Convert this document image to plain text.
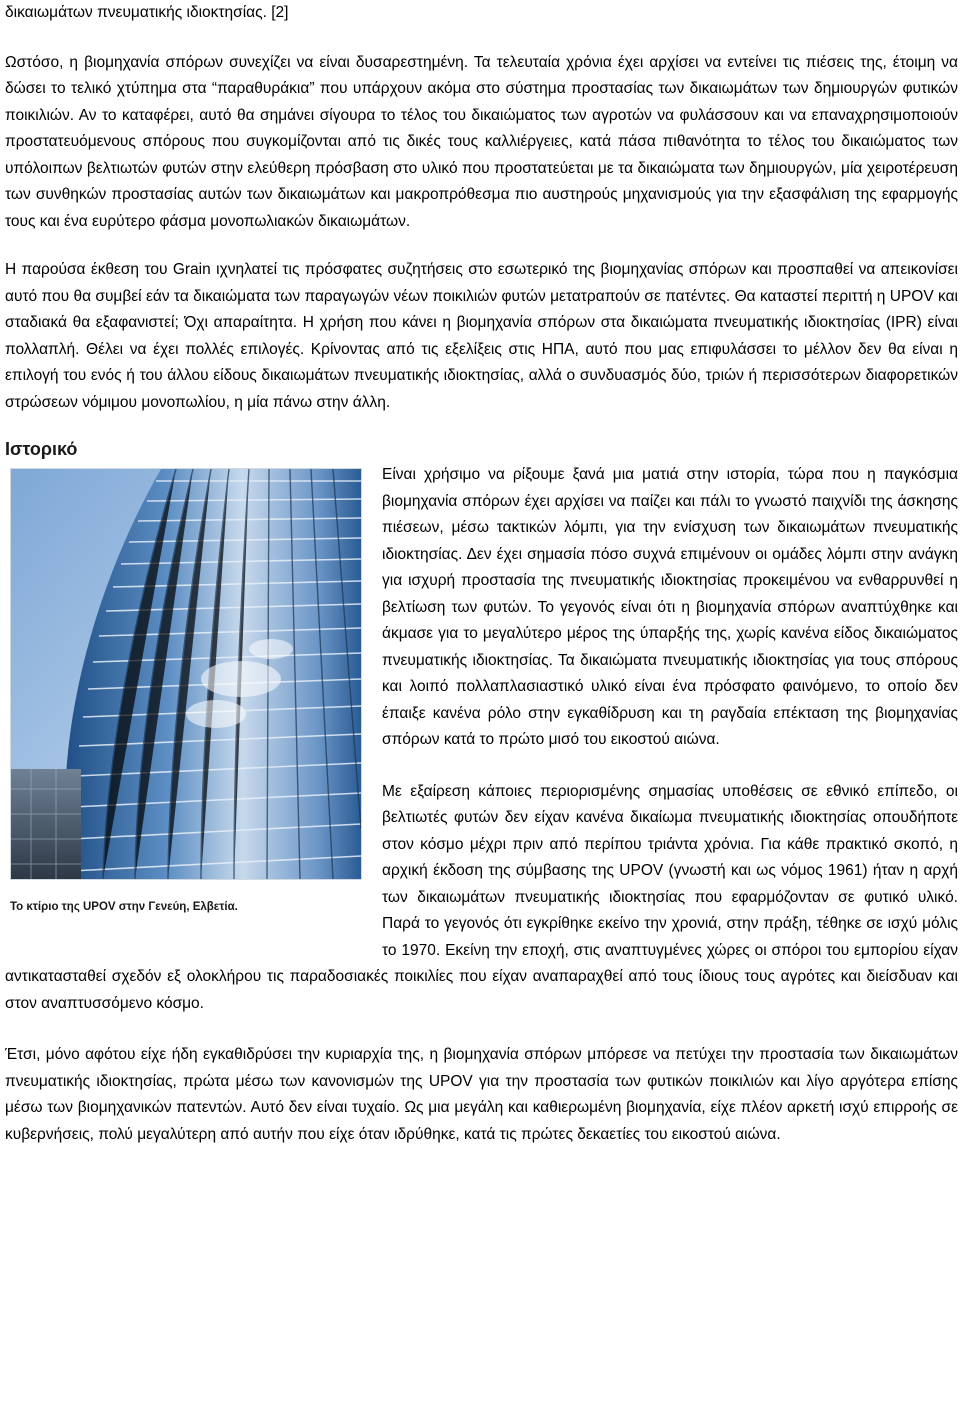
δικαιωμάτων πνευματικής ιδιοκτησίας. [2]

Ωστόσο, η βιομηχανία σπόρων συνεχίζει να είναι δυσαρεστημένη. Τα τελευταία χρόνια έχει αρχίσει να εντείνει τις πιέσεις της, έτοιμη να δώσει το τελικό χτύπημα στα “παραθυράκια” που υπάρχουν ακόμα στο σύστημα προστασίας των δικαιωμάτων των δημιουργών φυτικών ποικιλιών. Αν το καταφέρει, αυτό θα σημάνει σίγουρα το τέλος του δικαιώματος των αγροτών να φυλάσσουν και να επαναχρησιμοποιούν προστατευόμενους σπόρους που συγκομίζονται από τις δικές τους καλλιέργειες, κατά πάσα πιθανότητα το τέλος του δικαιώματος των υπόλοιπων βελτιωτών φυτών στην ελεύθερη πρόσβαση στο υλικό που προστατεύεται με τα δικαιώματα των δημιουργών, μία χειροτέρευση των συνθηκών προστασίας αυτών των δικαιωμάτων και μακροπρόθεσμα πιο αυστηρούς μηχανισμούς για την εξασφάλιση της εφαρμογής τους και ένα ευρύτερο φάσμα μονοπωλιακών δικαιωμάτων.

Η παρούσα έκθεση του Grain ιχνηλατεί τις πρόσφατες συζητήσεις στο εσωτερικό της βιομηχανίας σπόρων και προσπαθεί να απεικονίσει αυτό που θα συμβεί εάν τα δικαιώματα των παραγωγών νέων ποικιλιών φυτών μετατραπούν σε πατέντες. Θα καταστεί περιττή η UPOV και σταδιακά θα εξαφανιστεί; Όχι απαραίτητα. Η χρήση που κάνει η βιομηχανία σπόρων στα δικαιώματα πνευματικής ιδιοκτησίας (IPR) είναι πολλαπλή. Θέλει να έχει πολλές επιλογές. Κρίνοντας από τις εξελίξεις στις ΗΠΑ, αυτό που μας επιφυλάσσει το μέλλον δεν θα είναι η επιλογή του ενός ή του άλλου είδους δικαιωμάτων πνευματικής ιδιοκτησίας, αλλά ο συνδυασμός δύο, τριών ή περισσότερων διαφορετικών στρώσεων νόμιμου μονοπωλίου, η μία πάνω στην άλλη.

Ιστορικό
Το κτίριο της UPOV στην Γενεύη, Ελβετία.

Είναι χρήσιμο να ρίξουμε ξανά μια ματιά στην ιστορία, τώρα που η παγκόσμια βιομηχανία σπόρων έχει αρχίσει να παίζει και πάλι το γνωστό παιχνίδι της άσκησης πιέσεων, μέσω τακτικών λόμπι, για την ενίσχυση των δικαιωμάτων πνευματικής ιδιοκτησίας. Δεν έχει σημασία πόσο συχνά επιμένουν οι ομάδες λόμπι στην ανάγκη για ισχυρή προστασία της πνευματικής ιδιοκτησίας προκειμένου να ενθαρρυνθεί η βελτίωση των φυτών. Το γεγονός είναι ότι η βιομηχανία σπόρων αναπτύχθηκε και άκμασε για το μεγαλύτερο μέρος της ύπαρξής της, χωρίς κανένα είδος δικαιώματος πνευματικής ιδιοκτησίας. Τα δικαιώματα πνευματικής ιδιοκτησίας για τους σπόρους και λοιπό πολλαπλασιαστικό υλικό είναι ένα πρόσφατο φαινόμενο, το οποίο δεν έπαιξε κανένα ρόλο στην εγκαθίδρυση και τη ραγδαία επέκταση της βιομηχανίας σπόρων κατά το πρώτο μισό του εικοστού αιώνα.

Με εξαίρεση κάποιες περιορισμένης σημασίας υποθέσεις σε εθνικό επίπεδο, οι βελτιωτές φυτών δεν είχαν κανένα δικαίωμα πνευματικής ιδιοκτησίας οπουδήποτε στον κόσμο μέχρι πριν από περίπου τριάντα χρόνια. Για κάθε πρακτικό σκοπό, η αρχική έκδοση της σύμβασης της UPOV (γνωστή και ως νόμος 1961) ήταν η αρχή των δικαιωμάτων πνευματικής ιδιοκτησίας που εφαρμόζονταν σε φυτικό υλικό. Παρά το γεγονός ότι εγκρίθηκε εκείνο την χρονιά, στην πράξη, τέθηκε σε ισχύ μόλις το 1970. Εκείνη την εποχή, στις αναπτυγμένες χώρες οι σπόροι του εμπορίου είχαν αντικατασταθεί σχεδόν εξ ολοκλήρου τις παραδοσιακές ποικιλίες που είχαν αναπαραχθεί από τους ίδιους τους αγρότες και διείσδυαν και στον αναπτυσσόμενο κόσμο.

Έτσι, μόνο αφότου είχε ήδη εγκαθιδρύσει την κυριαρχία της, η βιομηχανία σπόρων μπόρεσε να πετύχει την προστασία των δικαιωμάτων πνευματικής ιδιοκτησίας, πρώτα μέσω των κανονισμών της UPOV για την προστασία των φυτικών ποικιλιών και λίγο αργότερα επίσης μέσω των βιομηχανικών πατεντών. Αυτό δεν είναι τυχαίο. Ως μια μεγάλη και καθιερωμένη βιομηχανία, είχε πλέον αρκετή ισχύ επιρροής σε κυβερνήσεις, πολύ μεγαλύτερη από αυτήν που είχε όταν ιδρύθηκε, κατά τις πρώτες δεκαετίες του εικοστού αιώνα.
